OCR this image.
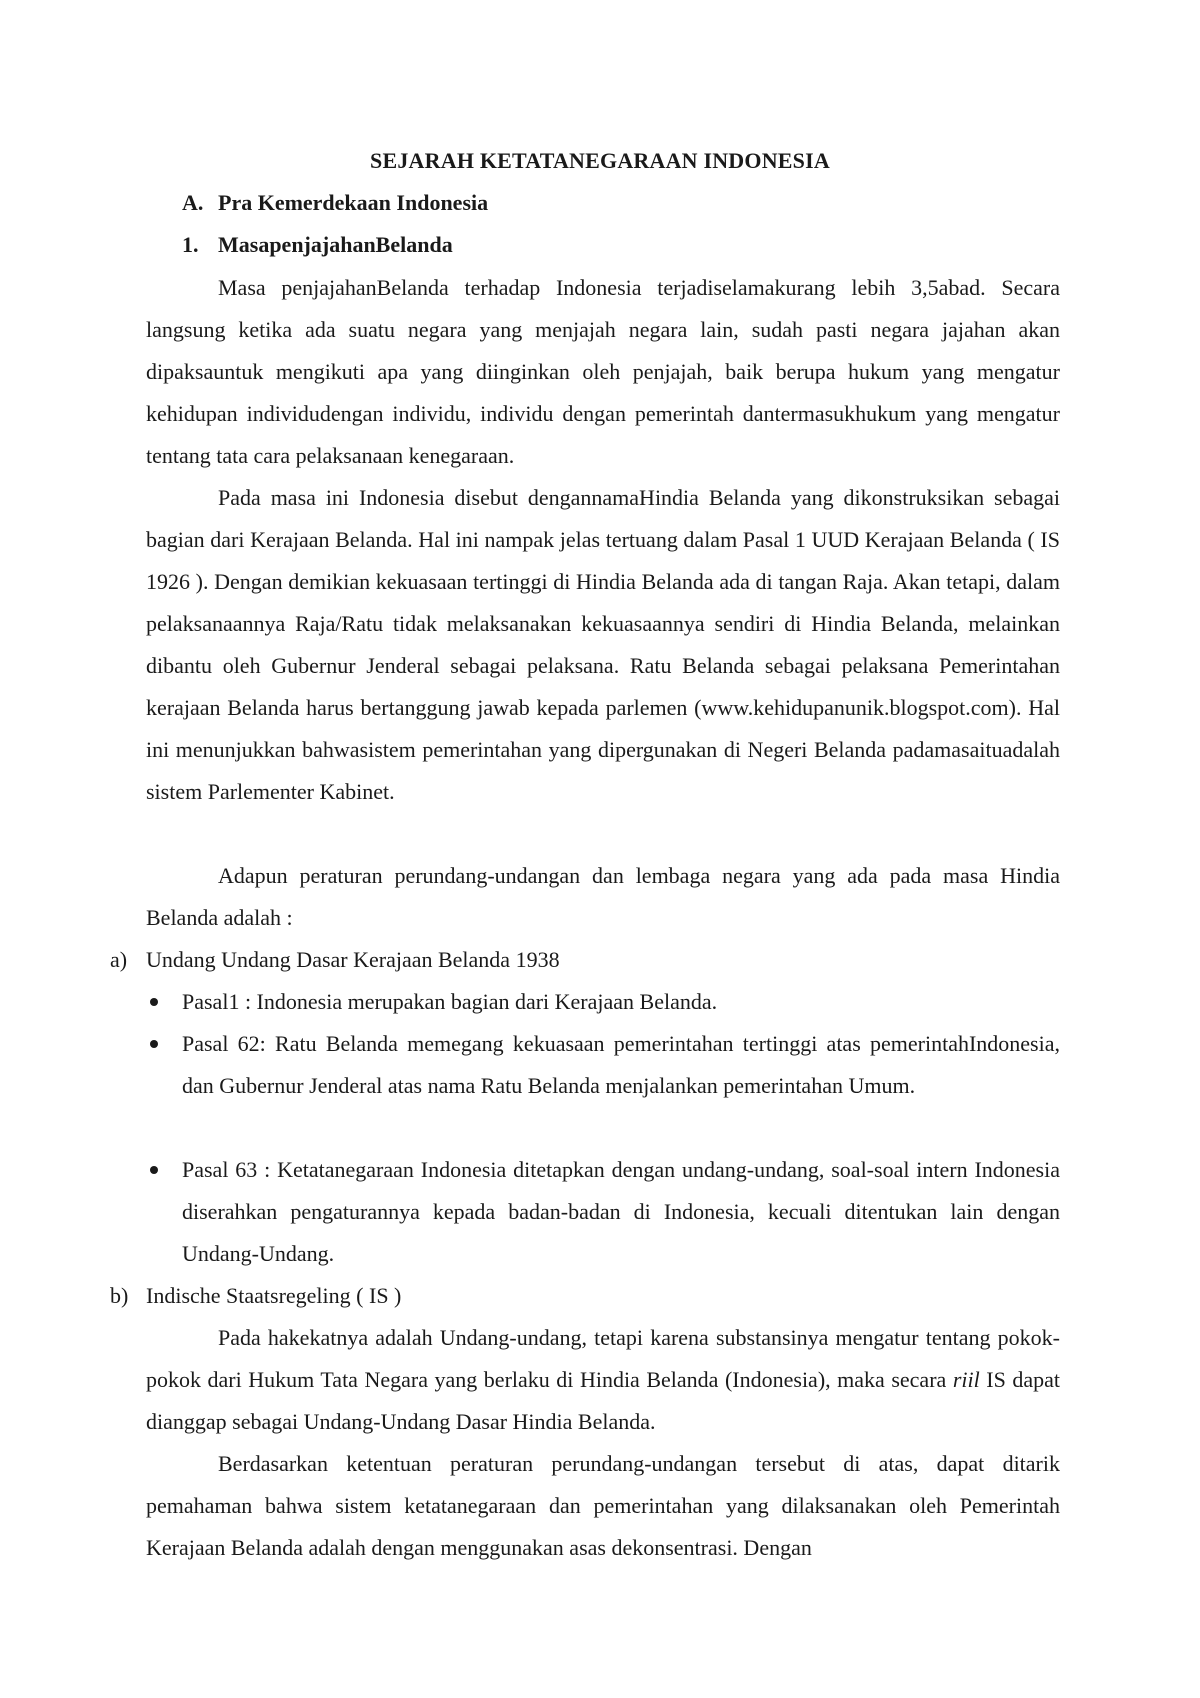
SEJARAH KETATANEGARAAN INDONESIA
A. Pra Kemerdekaan Indonesia
1. MasapenjajahanBelanda

Masa penjajahanBelanda terhadap Indonesia terjadiselamakurang lebih 3,5abad. Secara langsung ketika ada suatu negara yang menjajah negara lain, sudah pasti negara jajahan akan dipaksauntuk mengikuti apa yang diinginkan oleh penjajah, baik berupa hukum yang mengatur kehidupan individudengan individu, individu dengan pemerintah dantermasukhukum yang mengatur tentang tata cara pelaksanaan kenegaraan.

Pada masa ini Indonesia disebut dengannamaHindia Belanda yang dikonstruksikan sebagai bagian dari Kerajaan Belanda. Hal ini nampak jelas tertuang dalam Pasal 1 UUD Kerajaan Belanda ( IS 1926 ). Dengan demikian kekuasaan tertinggi di Hindia Belanda ada di tangan Raja. Akan tetapi, dalam pelaksanaannya Raja/Ratu tidak melaksanakan kekuasaannya sendiri di Hindia Belanda, melainkan dibantu oleh Gubernur Jenderal sebagai pelaksana. Ratu Belanda sebagai pelaksana Pemerintahan kerajaan Belanda harus bertanggung jawab kepada parlemen (www.kehidupanunik.blogspot.com). Hal ini menunjukkan bahwasistem pemerintahan yang dipergunakan di Negeri Belanda padamasaituadalah sistem Parlementer Kabinet.

Adapun peraturan perundang-undangan dan lembaga negara yang ada pada masa Hindia Belanda adalah :

a) Undang Undang Dasar Kerajaan Belanda 1938

Pasal1 : Indonesia merupakan bagian dari Kerajaan Belanda.

Pasal 62: Ratu Belanda memegang kekuasaan pemerintahan tertinggi atas pemerintahIndonesia, dan Gubernur Jenderal atas nama Ratu Belanda menjalankan pemerintahan Umum.

Pasal 63 : Ketatanegaraan Indonesia ditetapkan dengan undang-undang, soal-soal intern Indonesia diserahkan pengaturannya kepada badan-badan di Indonesia, kecuali ditentukan lain dengan Undang-Undang.

b) Indische Staatsregeling ( IS )

Pada hakekatnya adalah Undang-undang, tetapi karena substansinya mengatur tentang pokok-pokok dari Hukum Tata Negara yang berlaku di Hindia Belanda (Indonesia), maka secara riil IS dapat dianggap sebagai Undang-Undang Dasar Hindia Belanda.

Berdasarkan ketentuan peraturan perundang-undangan tersebut di atas, dapat ditarik pemahaman bahwa sistem ketatanegaraan dan pemerintahan yang dilaksanakan oleh Pemerintah Kerajaan Belanda adalah dengan menggunakan asas dekonsentrasi. Dengan
